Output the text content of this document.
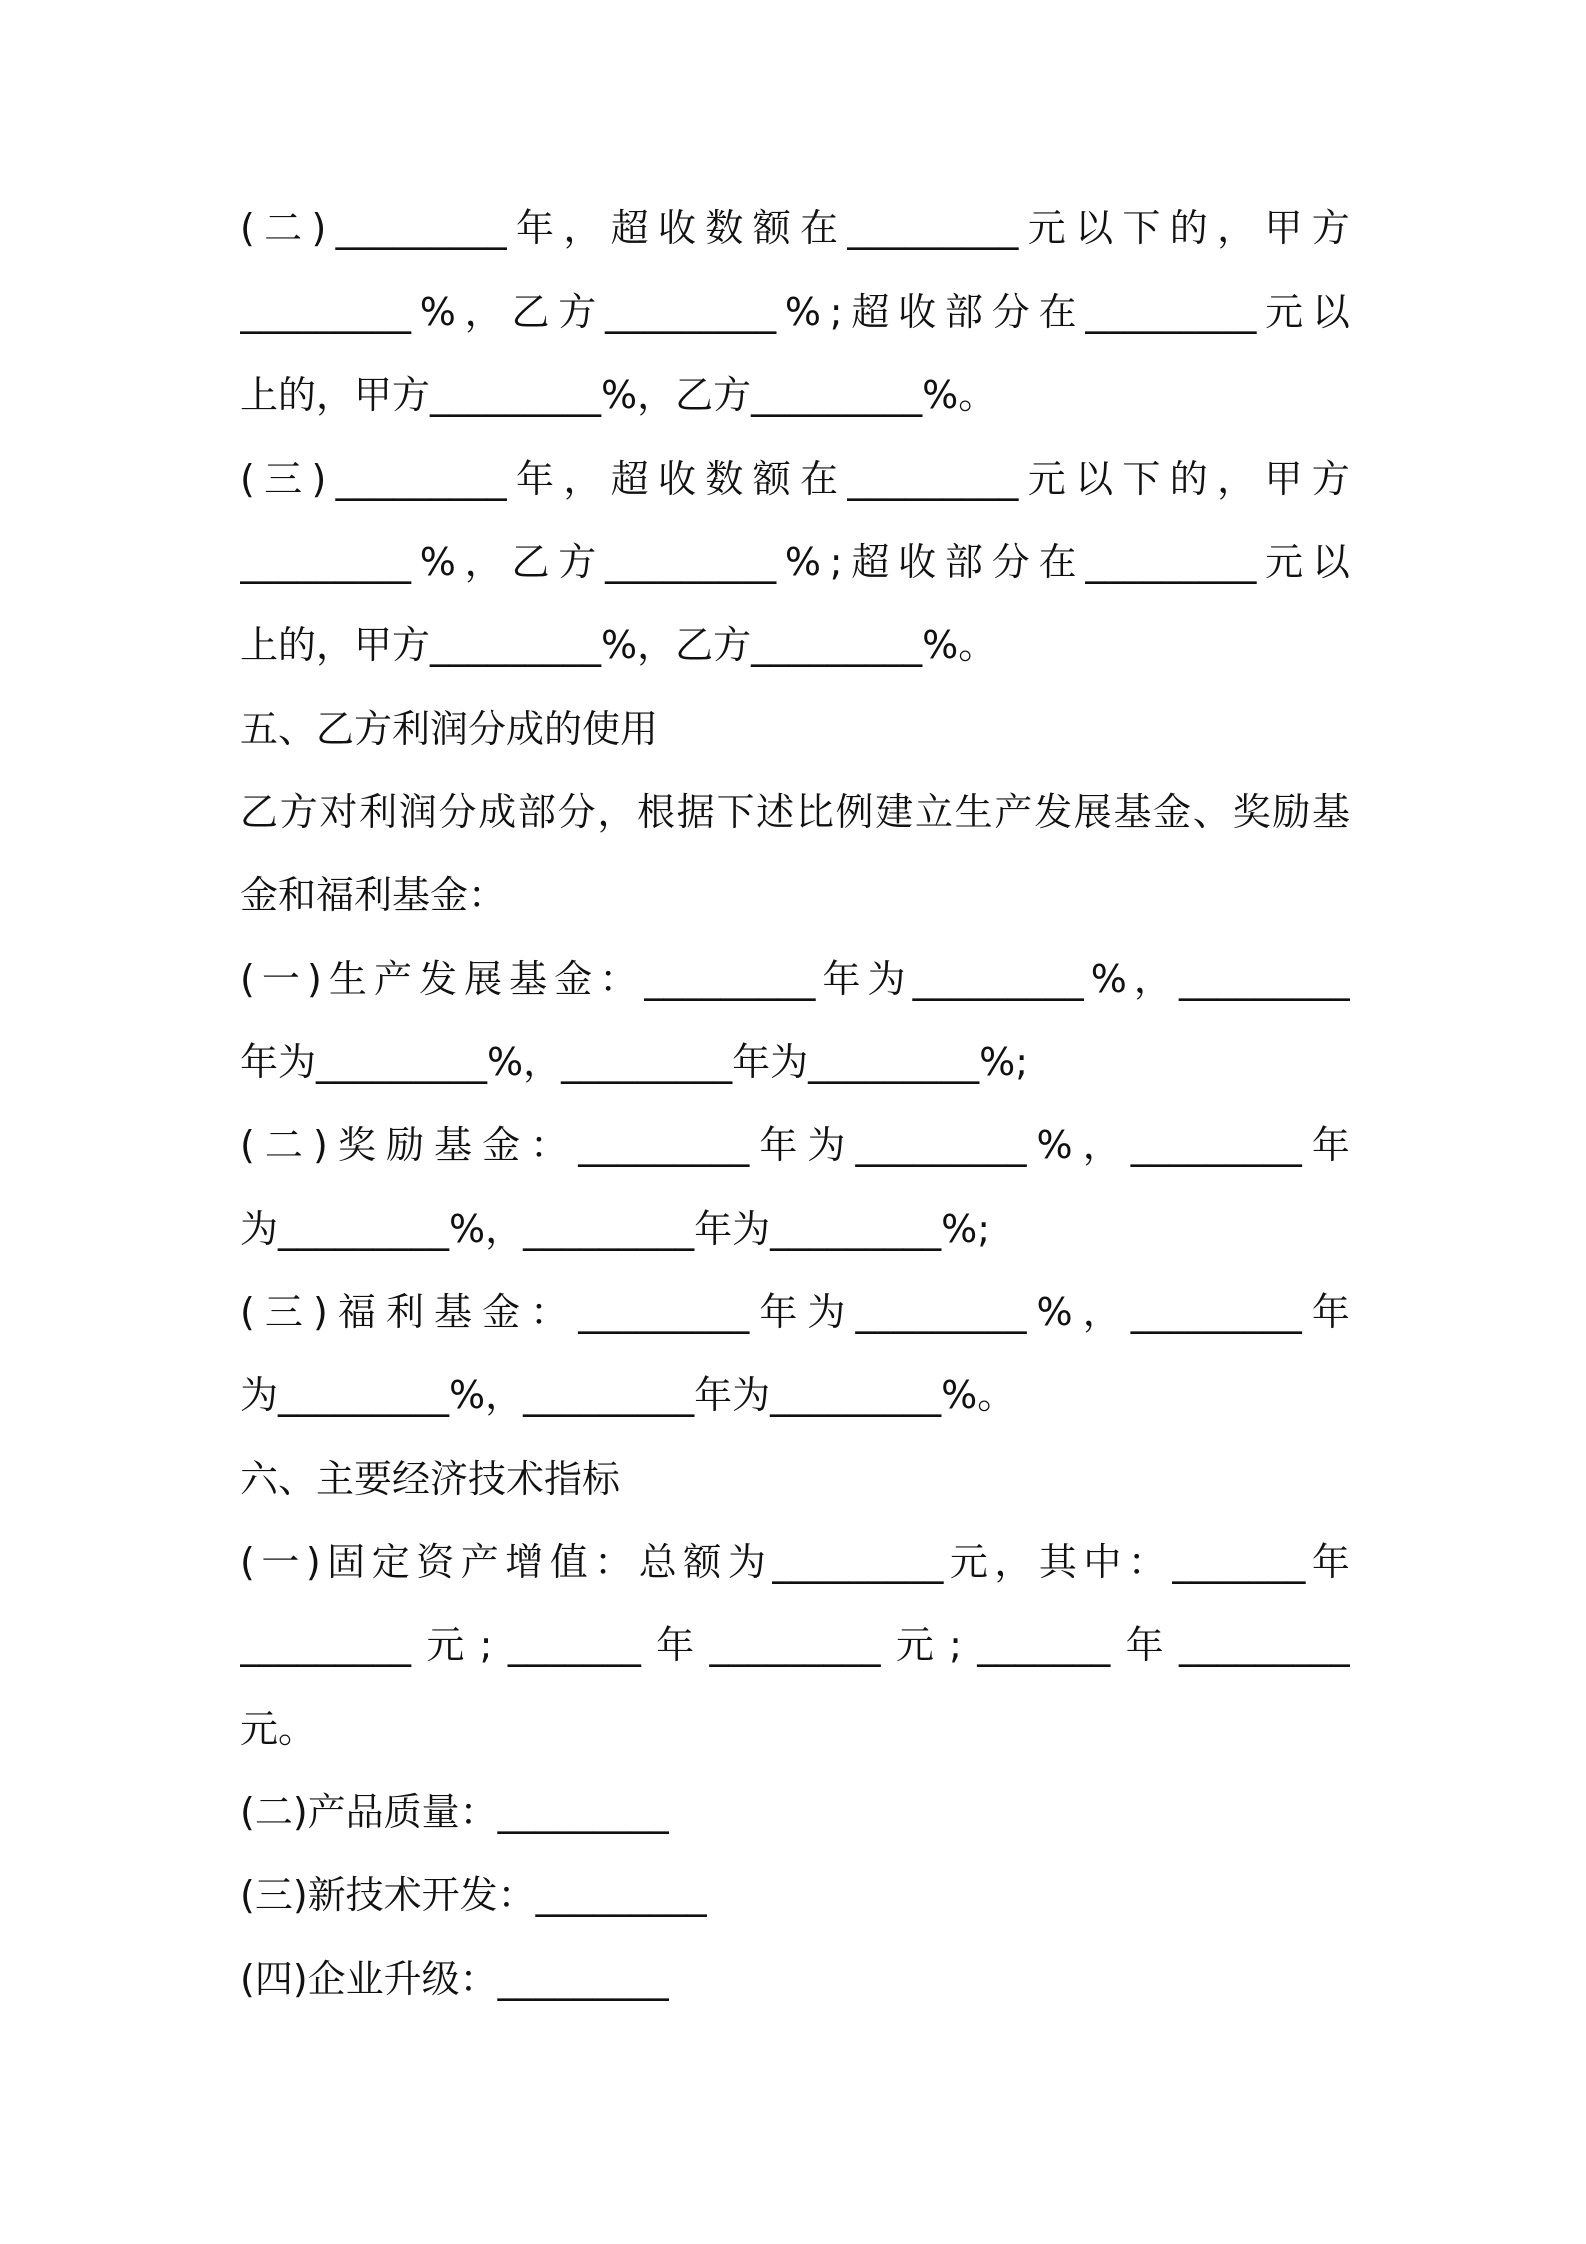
( 二 ) _________ 年 ， 超 收 数 额 在 _________ 元 以 下 的 ， 甲 方
_________ % ， 乙 方 _________ % ; 超 收 部 分 在 _________ 元 以
上的，甲方_________%，乙方_________%。
( 三 ) _________ 年 ， 超 收 数 额 在 _________ 元 以 下 的 ， 甲 方
_________ % ， 乙 方 _________ % ; 超 收 部 分 在 _________ 元 以
上的，甲方_________%，乙方_________%。
五、乙方利润分成的使用
乙 方 对 利 润 分 成 部 分 ， 根 据 下 述 比 例 建 立 生 产 发 展 基 金 、 奖 励 基
金和福利基金：
( 一 ) 生 产 发 展 基 金 ： _________ 年 为 _________ % ， _________
年为_________%，_________年为_________%;
( 二 ) 奖 励 基 金 ： _________ 年 为 _________ % ， _________ 年
为_________%，_________年为_________%;
( 三 ) 福 利 基 金 ： _________ 年 为 _________ % ， _________ 年
为_________%，_________年为_________%。
六、主要经济技术指标
( 一 ) 固 定 资 产 增 值 ： 总 额 为 _________ 元 ， 其 中 ： _______ 年
_________ 元 ; _______ 年 _________ 元 ; _______ 年 _________
元。
(二)产品质量：_________
(三)新技术开发：_________
(四)企业升级：_________
